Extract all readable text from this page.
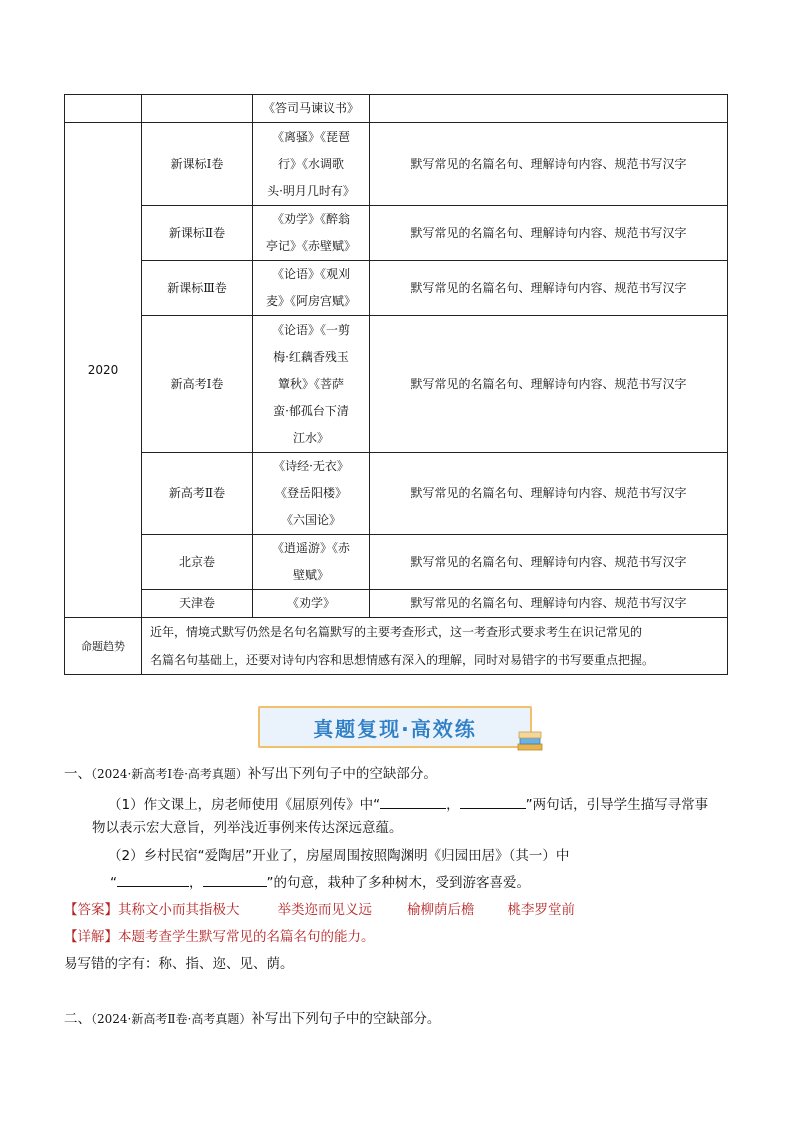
		《答司马谏议书》	
2020	新课标Ⅰ卷	《离骚》《琵琶
行》《水调歌
头·明月几时有》	默写常见的名篇名句、理解诗句内容、规范书写汉字
	新课标Ⅱ卷	《劝学》《醉翁
亭记》《赤壁赋》	默写常见的名篇名句、理解诗句内容、规范书写汉字
	新课标Ⅲ卷	《论语》《观刈
麦》《阿房宫赋》	默写常见的名篇名句、理解诗句内容、规范书写汉字
	新高考Ⅰ卷	《论语》《一剪
梅·红藕香残玉
簟秋》《菩萨
蛮·郁孤台下清
江水》	默写常见的名篇名句、理解诗句内容、规范书写汉字
	新高考Ⅱ卷	《诗经·无衣》
《登岳阳楼》
《六国论》	默写常见的名篇名句、理解诗句内容、规范书写汉字
	北京卷	《逍遥游》《赤
壁赋》	默写常见的名篇名句、理解诗句内容、规范书写汉字
	天津卷	《劝学》	默写常见的名篇名句、理解诗句内容、规范书写汉字
命题趋势	近年，情境式默写仍然是名句名篇默写的主要考查形式，这一考查形式要求考生在识记常见的
名篇名句基础上，还要对诗句内容和思想情感有深入的理解，同时对易错字的书写要重点把握。		
真题复现·高效练
一、（2024·新高考Ⅰ卷·高考真题）补写出下列句子中的空缺部分。
（1）作文课上，房老师使用《屈原列传》中“	，	”两句话，引导学生描写寻常事
物以表示宏大意旨，列举浅近事例来传达深远意蕴。
（2）乡村民宿“爱陶居”开业了，房屋周围按照陶渊明《归园田居》（其一）中
“	，	”的句意，栽种了多种树木，受到游客喜爱。
【答案】其称文小而其指极大	举类迩而见义远	榆柳荫后檐 桃李罗堂前
【详解】本题考查学生默写常见的名篇名句的能力。
易写错的字有：称、指、迩、见、荫。
二、（2024·新高考Ⅱ卷·高考真题）补写出下列句子中的空缺部分。
